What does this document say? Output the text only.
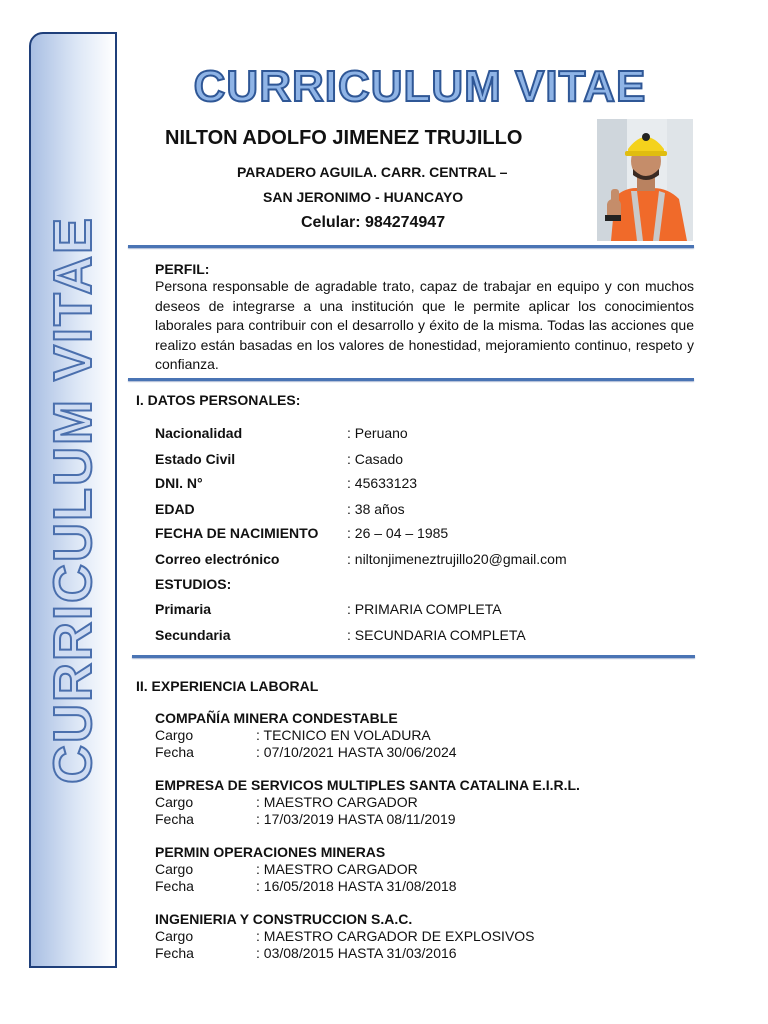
CURRICULUM VITAE
CURRICULUM VITAE
NILTON ADOLFO JIMENEZ TRUJILLO
PARADERO AGUILA. CARR. CENTRAL –
SAN JERONIMO - HUANCAYO
Celular: 984274947
PERFIL:
Persona responsable de agradable trato, capaz de trabajar en equipo y con muchos deseos de integrarse a una institución que le permite aplicar los conocimientos laborales para contribuir con el desarrollo y éxito de la misma. Todas las acciones que realizo están basadas en los valores de honestidad, mejoramiento continuo, respeto y confianza.
I. DATOS PERSONALES:
Nacionalidad	: Peruano
Estado Civil	: Casado
DNI. N°	: 45633123
EDAD	: 38 años
FECHA DE NACIMIENTO : 26 – 04 – 1985
Correo electrónico	: niltonjimeneztrujillo20@gmail.com
ESTUDIOS:
Primaria	: PRIMARIA COMPLETA
Secundaria	: SECUNDARIA COMPLETA
II. EXPERIENCIA LABORAL
COMPAÑÍA MINERA CONDESTABLE
Cargo	: TECNICO EN VOLADURA
Fecha	: 07/10/2021 HASTA 30/06/2024
EMPRESA DE SERVICOS MULTIPLES SANTA CATALINA E.I.R.L.
Cargo	: MAESTRO CARGADOR
Fecha	: 17/03/2019 HASTA 08/11/2019
PERMIN OPERACIONES MINERAS
Cargo	: MAESTRO CARGADOR
Fecha	: 16/05/2018 HASTA 31/08/2018
INGENIERIA Y CONSTRUCCION S.A.C.
Cargo	: MAESTRO CARGADOR DE EXPLOSIVOS
Fecha	: 03/08/2015 HASTA 31/03/2016
